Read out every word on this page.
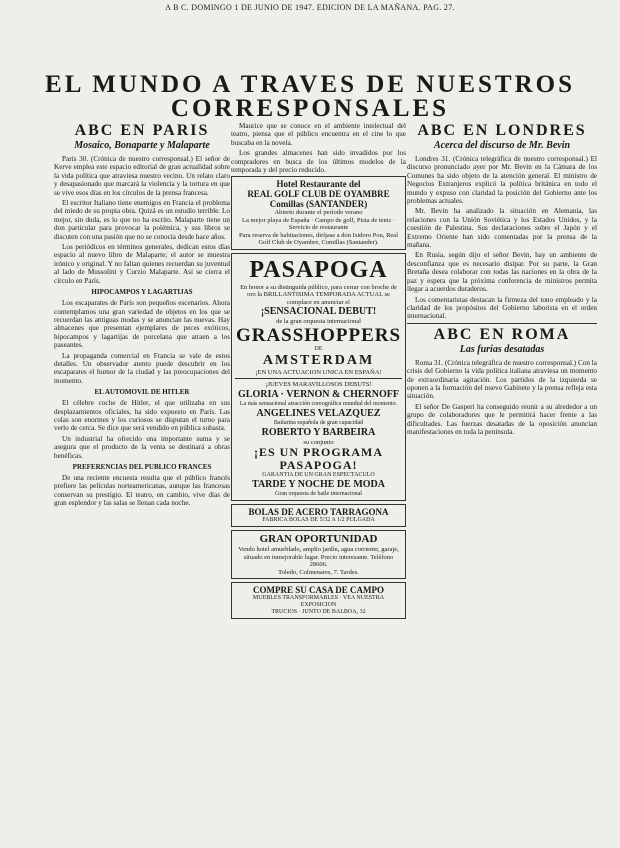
A B C. DOMINGO 1 DE JUNIO DE 1947. EDICION DE LA MAÑANA. PAG. 27.
EL MUNDO A TRAVES DE NUESTROS
CORRESPONSALES
ABC EN PARIS
Mosaico, Bonaparte y Malaparte

París 30. (Crónica de nuestro corresponsal.) El señor de Kerve emplea este espacio editorial de gran actualidad sobre la vida política que atraviesa nuestro vecino. Un relato claro y desapasionado que marcará la violencia y la tortura en que se vive esos días en los círculos de la prensa francesa.

El escritor Italiano tiene enemigos en Francia el problema del miedo de su propia obra. Quizá es un estudio terrible. Lo mejor, sin duda, es lo que no ha escrito. Malaparte tiene un don particular para provocar la polémica, y sus libros se discuten con una pasión que no se conocía desde hace años.

Los periódicos en términos generales, dedican estos días espacio al nuevo libro de Malaparte; el autor se muestra irónico y original. Y no faltan quienes recuerdan su juventud al lado de Mussolini y Curzio Malaparte. Así se cierra el círculo en París.

HIPOCAMPOS Y LAGARTIJAS

Los escaparates de París son pequeños escenarios. Ahora contemplamos una gran variedad de objetos en los que se recuerdan las antiguas modas y se anuncian las nuevas. Hay almacenes que presentan ejemplares de peces exóticos, hipocampos y lagartijas de porcelana que atraen a los paseantes.

La propaganda comercial en Francia se vale de estos detalles. Un observador atento puede descubrir en los escaparates el humor de la ciudad y las preocupaciones del momento.

EL AUTOMOVIL DE HITLER

El célebre coche de Hitler, el que utilizaba en sus desplazamientos oficiales, ha sido expuesto en París. Las colas son enormes y los curiosos se disputan el turno para verlo de cerca. Se dice que será vendido en pública subasta.

Un industrial ha ofrecido una importante suma y se asegura que el producto de la venta se destinará a obras benéficas.

PREFERENCIAS DEL PUBLICO FRANCES

De una reciente encuesta resulta que el público francés prefiere las películas norteamericanas, aunque las francesas conservan su prestigio. El teatro, en cambio, vive días de gran esplendor y las salas se llenan cada noche.

Maurice que se conoce en el ambiente intelectual del teatro, piensa que el público encuentra en el cine lo que buscaba en la novela.

Los grandes almacenes han sido invadidos por los compradores en busca de los últimos modelos de la temporada y del precio reducido.

Hotel Restaurante del
REAL GOLF CLUB DE OYAMBRE
Comillas (SANTANDER)
Abierto durante el período verano
La mejor playa de España · Campo de golf, Pista de tenis · Servicio de restaurante
Para reserva de habitaciones, diríjase a don Isidoro Pou, Real Golf Club de Oyambre, Comillas (Santander).
PASAPOGA
En honor a su distinguida público, para cerrar con broche de oro la BRILLANTISIMA TEMPORADA ACTUAL se complace en anunciar el
¡SENSACIONAL DEBUT!
de la gran orquesta internacional
GRASSHOPPERS
DE
AMSTERDAM
¡EN UNA ACTUACION UNICA EN ESPAÑA!
¡JUEVES MARAVILLOSOS DEBUTS!
GLORIA · VERNON & CHERNOFF
La más sensacional atracción coreográfica mundial del momento.
ANGELINES VELAZQUEZ
Bailarina española de gran capacidad
ROBERTO Y BARBEIRA
su conjunto
¡ES UN PROGRAMA
PASAPOGA!
GARANTIA DE UN GRAN ESPECTACULO
TARDE Y NOCHE DE MODA
Gran orquesta de baile internacional
BOLAS DE ACERO TARRAGONA
FABRICA BOLAS DE 5/32 A 1/2 PULGADA
GRAN OPORTUNIDAD
Vendo hotel amueblado, amplio jardín, agua corriente, garaje, situado en inmejorable lugar. Precio interesante. Teléfono 28606.
Toledo, Colmenares, 7. Tardes.
COMPRE SU CASA DE CAMPO
MUEBLES TRANSFORMABLES · VEA NUESTRA EXPOSICION
TRUCIOS · JUNTO DE BALBOA, 32
ABC EN LONDRES
Acerca del discurso de Mr. Bevin

Londres 31. (Crónica telegráfica de nuestro corresponsal.) El discurso pronunciado ayer por Mr. Bevin en la Cámara de los Comunes ha sido objeto de la atención general. El ministro de Negocios Extranjeros explicó la política británica en todo el mundo y expuso con claridad la posición del Gobierno ante los problemas actuales.

Mr. Bevin ha analizado la situación en Alemania, las relaciones con la Unión Soviética y los Estados Unidos, y la cuestión de Palestina. Sus declaraciones sobre el Japón y el Extremo Oriente han sido comentadas por la prensa de la mañana.

En Rusia, según dijo el señor Bevin, hay un ambiente de desconfianza que es necesario disipar. Por su parte, la Gran Bretaña desea colaborar con todas las naciones en la obra de la paz y espera que la próxima conferencia de ministros permita llegar a acuerdos duraderos.

Los comentaristas destacan la firmeza del tono empleado y la claridad de los propósitos del Gobierno laborista en el orden internacional.

ABC EN ROMA
Las furias desatadas

Roma 31. (Crónica telegráfica de nuestro corresponsal.) Con la crisis del Gobierno la vida política italiana atraviesa un momento de extraordinaria agitación. Los partidos de la izquierda se oponen a la formación del nuevo Gabinete y la prensa refleja esta situación.

El señor De Gasperi ha conseguido reunir a su alrededor a un grupo de colaboradores que le permitirá hacer frente a las dificultades. Las fuerzas desatadas de la oposición anuncian manifestaciones en toda la península.
